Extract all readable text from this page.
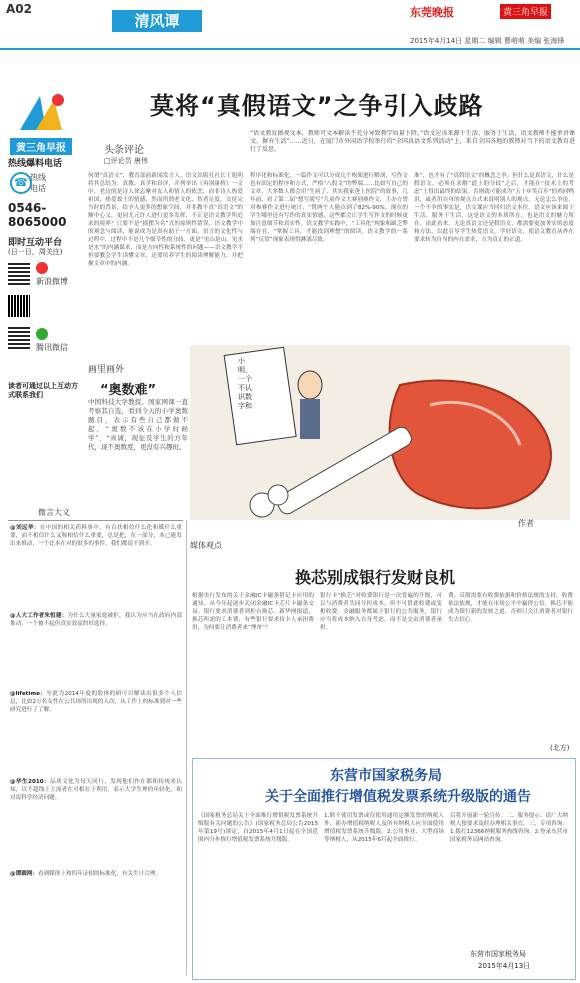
A02
清风谭	东莞晚报	黄三角早报
2015年4月14日 星期二 编辑 曹萌萌 美编 张海锋
黄三角早报
热线爆料电话
☎ 热线电话
0546-8065000
即时互动平台
(日一日，周关注)
新浪微博
腾讯微信
读者可通过以上互动方式联系我们
莫将“真假语文”之争引入歧路
头条评论
□评论员 唐伟
“语文教育据观文本，教师可文本解读不充分导致教学质量下降。”语文应该来源于生活、服务于生活，语文教师不能单讲课文，摒弃生活”……近日，在厦门市外国语学校举行的“全国真语文系列活动”上，来自全国各地的教师对当下的语文教育进行了反思。
何谓“真语文”，教育部前新闻发言人、语文出版社社长王旭明将其总结为：真教、真学和真评，并列举出《再别康桥》一文中，老边的是诗人徐志摩对友人和情人的依恋，而非诗人热爱祖国，热爱故土的情感，然而所谓老文化、智者足度，交待完当时的背景、给予人更多的想象空间，并非教不真“真语文”的额中心义，更同尤元许人进行更多发挥，不正是语文教学所追求的境界？只要不是“摇摆为名”式的原则性错误，语文教学中的观念与阅读，能说成为是真有助于一方面，语言的文化性与过程中，过程中不是几个细节性的分歧，更是“见山是山，见水是水”的内涵谋求，而是方向性和系统性的问题——语文教学不但要教会学生读懂文章，还要培养学生的阅读理解能力，并把握文章中的内涵。
程序化和标准化，一篇作文可以分成几个构架进行解剖，写作文也有固定的程序和方式，严格“八股文”的弊端……比如写自己的文章，大多数人都会用“生病了，其实我家爸上医院”的故事，几年前，看了第二届“想写就写”儿童作文大赛创赛作文，主办方曾对参赛作文进行统计，“置两个人能点到了82%-90%，现在的学生哪里还有写作的真实情感，这些都会让学生写作文的时候更加注意细节和真实性。语文教学实践中，“工具化”现象和缺乏弊端存在，“掌握工具，才能找到理想”的阅读，语文教学的一系列“反常”现象表现得淋漓尽致。
准”，也才有了“真假语文”的概念之争。但什么是真语文，什么是假语文，必须在求解“道上的分歧”之后，才能在“技术上的考虑”上得出最终的结果。否则就可能成为“五十步笑百步”的鸡同鸭讲，或者用自身的观点方式来说明别人的观点。无论怎么争论，一个不争的事实是，语文课应当回归语文本位。语文应该来源于生活，服务于生活，这是语文的本质所在，也是语文的魅力所在。由此看来，无论真语文还是假语文，都需要更加务实的态度和方法，以此引导学生热爱语文，学好语文，使语文教育从外在要求转为自身的内在需求，方为真正的正道。
画里画外
“奥数难”
中国科技大学教授、国家网课一直考察其自选，看到今天的小学奥数题目，表示有些自己都做不起，“奥数不该在小学时候学”，“真诚，现征及学生的方年代，现不奥数度，更没有兴趣班。
小明，一个不认识数字和
作者
微言大义
@刘远华：在中国的相关药料事中，有百扶相信什么化和媒什么重要，而不相信什么又称相信什么重要，总是把，在一部分，本已能发出来推动，一个比本在对的很多的事件，我们都说不到开。
@人大工作者朱恒建：为什么大量家庭被拒，我认为应当在政府内部推动，一个被不起但真实效益的好选择。
@lifetime：至此为2014年度的胶体的研可以解读出很多个人信息，比如2万名女性在公共场所出现的人次，从工作上的标准到对一些研究进行了了解。
@华生2010：品质文化为每天同行，发现他们作在都和传统来认知，以不超线上主流者在可相在于利用，表示大学生理的年轻化，和对说科学经济问题。
@谭圆网：看到媒体上和四年证相的标准化，有关生计合理。
媒体观点
换芯别成银行发财良机
根据央行发布的关于金融IC卡磁条借记卡应用的通知，从今年起逐步关闭金融IC卡芯片卡磁条交易。银行要求消费者到柜台换芯。新华网报道，换芯所需的工本费，有些银行要求持卡人承担费用，为何要让消费者来“埋单”？
银行卡“换芯”对收费银行是一次普遍的升级，可以与消费者共同分担成本，但不可借此收费或变相收费。金融服务都属于银行的公共服务，银行应当将成本纳入自身考虑，而不是交由消费者承担。
费，反倒需要有收费依据和价格法规的支持。收费依法依规，才能在市场公平中赢得公信。换芯不能成为银行新的发财之道，否则只会让消费者对银行失去信心。
(北方)
东营市国家税务局
关于全面推行增值税发票系统升级版的通告
《国家税务总局关于全面推行增值税发票系统升级版有关问题的公告》(国家税务总局公告2015年第19号)规定，自2015年4月1日起在全国范围内分步推行增值税发票系统升级版。
1.除不使用发票或仅使用通用定额发票的纳税人外，新办增值税纳税人及所有纳税人应全面使用增值税发票系统升级版。2.公用事业、大型商场等纳税人，从2015年6月起全面推行。
后将开展新一轮宣传。二、服务提示：请广大纳税人按要求及时办理相关事宜。三、专项咨询：1.拨打12366纳税服务热线咨询。2.登录东营市国家税务局网站查询。
东营市国家税务局
2015年4月13日
